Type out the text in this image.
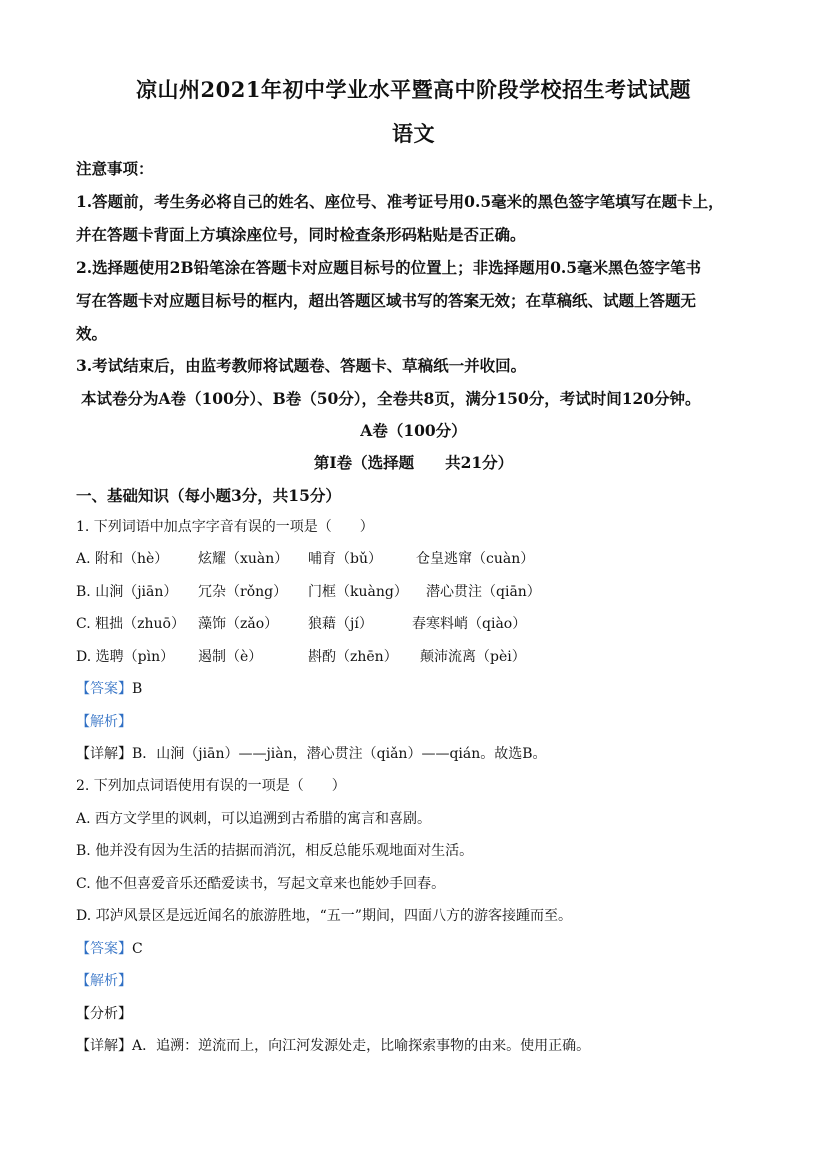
凉山州2021年初中学业水平暨高中阶段学校招生考试试题
语文
注意事项：
1.答题前，考生务必将自己的姓名、座位号、准考证号用0.5毫米的黑色签字笔填写在题卡上，
并在答题卡背面上方填涂座位号，同时检查条形码粘贴是否正确。
2.选择题使用2B铅笔涂在答题卡对应题目标号的位置上；非选择题用0.5毫米黑色签字笔书
写在答题卡对应题目标号的框内，超出答题区域书写的答案无效；在草稿纸、试题上答题无
效。
3.考试结束后，由监考教师将试题卷、答题卡、草稿纸一并收回。
本试卷分为A卷（100分）、B卷（50分），全卷共8页，满分150分，考试时间120分钟。
A卷（100分）
第Ⅰ卷（选择题　　共21分）
一、基础知识（每小题3分，共15分）
1. 下列词语中加点字字音有误的一项是（　　）
A. 附和（hè） 炫耀（xuàn） 哺育（bǔ） 仓皇逃窜（cuàn）
B. 山涧（jiān） 冗杂（rǒng） 门框（kuàng） 潜心贯注（qiān）
C. 粗拙（zhuō） 藻饰（zǎo） 狼藉（jí）	春寒料峭（qiào）
D. 选聘（pìn） 遏制（è）	斟酌（zhēn） 颠沛流离（pèi）
【答案】B
【解析】
【详解】B．山涧（jiān）——jiàn，潜心贯注（qiǎn）——qián。故选B。
2. 下列加点词语使用有误的一项是（　　）
A. 西方文学里的讽刺，可以追溯到古希腊的寓言和喜剧。
B. 他并没有因为生活的拮据而消沉，相反总能乐观地面对生活。
C. 他不但喜爱音乐还酷爱读书，写起文章来也能妙手回春。
D. 邛泸风景区是远近闻名的旅游胜地，“五一”期间，四面八方的游客接踵而至。
【答案】C
【解析】
【分析】
【详解】A．追溯：逆流而上，向江河发源处走，比喻探索事物的由来。使用正确。
